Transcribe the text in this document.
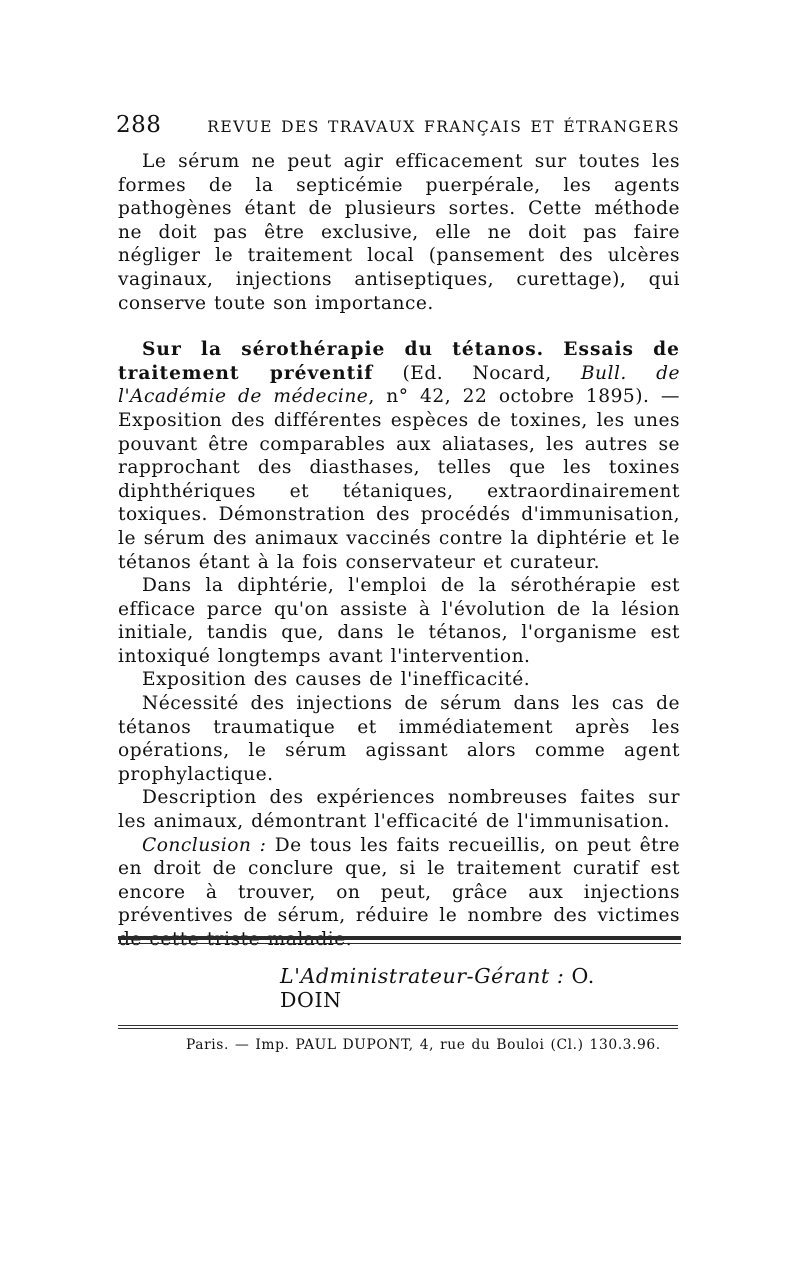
288	REVUE DES TRAVAUX FRANÇAIS ET ÉTRANGERS

Le sérum ne peut agir efficacement sur toutes les formes de la septicémie puerpérale, les agents pathogènes étant de plusieurs sortes. Cette méthode ne doit pas être exclusive, elle ne doit pas faire négliger le traitement local (pansement des ulcères vaginaux, injections antiseptiques, curettage), qui conserve toute son importance.

Sur la sérothérapie du tétanos. Essais de traitement préventif (Ed. Nocard, Bull. de l'Académie de médecine, n° 42, 22 octobre 1895). — Exposition des différentes espèces de toxines, les unes pouvant être comparables aux aliatases, les autres se rapprochant des diasthases, telles que les toxines diphthériques et tétaniques, extraordinairement toxiques. Démonstration des procédés d'immunisation, le sérum des animaux vaccinés contre la diphtérie et le tétanos étant à la fois conservateur et curateur.

Dans la diphtérie, l'emploi de la sérothérapie est efficace parce qu'on assiste à l'évolution de la lésion initiale, tandis que, dans le tétanos, l'organisme est intoxiqué longtemps avant l'intervention.

Exposition des causes de l'inefficacité.

Nécessité des injections de sérum dans les cas de tétanos traumatique et immédiatement après les opérations, le sérum agissant alors comme agent prophylactique.

Description des expériences nombreuses faites sur les animaux, démontrant l'efficacité de l'immunisation.

Conclusion : De tous les faits recueillis, on peut être en droit de conclure que, si le traitement curatif est encore à trouver, on peut, grâce aux injections préventives de sérum, réduire le nombre des victimes

L'Administrateur-Gérant : O. DOIN
Paris. — Imp. PAUL DUPONT, 4, rue du Bouloi (Cl.) 130.3.96.
